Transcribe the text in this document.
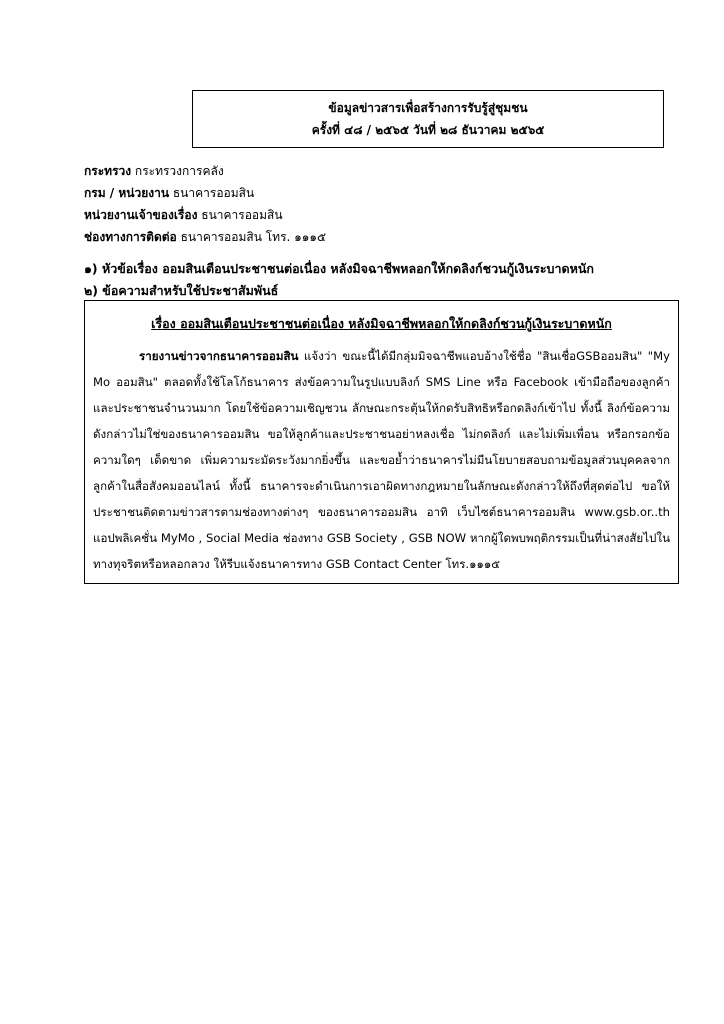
ข้อมูลข่าวสารเพื่อสร้างการรับรู้สู่ชุมชน
ครั้งที่ ๔๘ / ๒๕๖๕ วันที่ ๒๘ ธันวาคม ๒๕๖๕
กระทรวง กระทรวงการคลัง
กรม / หน่วยงาน ธนาคารออมสิน
หน่วยงานเจ้าของเรื่อง ธนาคารออมสิน
ช่องทางการติดต่อ ธนาคารออมสิน โทร. ๑๑๑๕
๑) หัวข้อเรื่อง ออมสินเตือนประชาชนต่อเนื่อง หลังมิจฉาชีพหลอกให้กดลิงก์ชวนกู้เงินระบาดหนัก
๒) ข้อความสำหรับใช้ประชาสัมพันธ์
เรื่อง ออมสินเตือนประชาชนต่อเนื่อง หลังมิจฉาชีพหลอกให้กดลิงก์ชวนกู้เงินระบาดหนัก
รายงานข่าวจากธนาคารออมสิน แจ้งว่า ขณะนี้ได้มีกลุ่มมิจฉาชีพแอบอ้างใช้ชื่อ "สินเชื่อGSBออมสิน" "My Mo ออมสิน" ตลอดทั้งใช้โลโก้ธนาคาร ส่งข้อความในรูปแบบลิงก์ SMS Line หรือ Facebook เข้ามือถือของลูกค้าและประชาชนจำนวนมาก โดยใช้ข้อความเชิญชวน ลักษณะกระตุ้นให้กดรับสิทธิหรือกดลิงก์เข้าไป ทั้งนี้ ลิงก์ข้อความดังกล่าวไม่ใช่ของธนาคารออมสิน ขอให้ลูกค้าและประชาชนอย่าหลงเชื่อ ไม่กดลิงก์ และไม่เพิ่มเพื่อน หรือกรอกข้อความใดๆ เด็ดขาด เพิ่มความระมัดระวังมากยิ่งขึ้น และขอย้ำว่าธนาคารไม่มีนโยบายสอบถามข้อมูลส่วนบุคคลจากลูกค้าในสื่อสังคมออนไลน์ ทั้งนี้ ธนาคารจะดำเนินการเอาผิดทางกฎหมายในลักษณะดังกล่าวให้ถึงที่สุดต่อไป ขอให้ประชาชนติดตามข่าวสารตามช่องทางต่างๆ ของธนาคารออมสิน อาทิ เว็บไซต์ธนาคารออมสิน www.gsb.or..th แอปพลิเคชั่น MyMo , Social Media ช่องทาง GSB Society , GSB NOW หากผู้ใดพบพฤติกรรมเป็นที่น่าสงสัยไปในทางทุจริตหรือหลอกลวง ให้รีบแจ้งธนาคารทาง GSB Contact Center โทร.๑๑๑๕
